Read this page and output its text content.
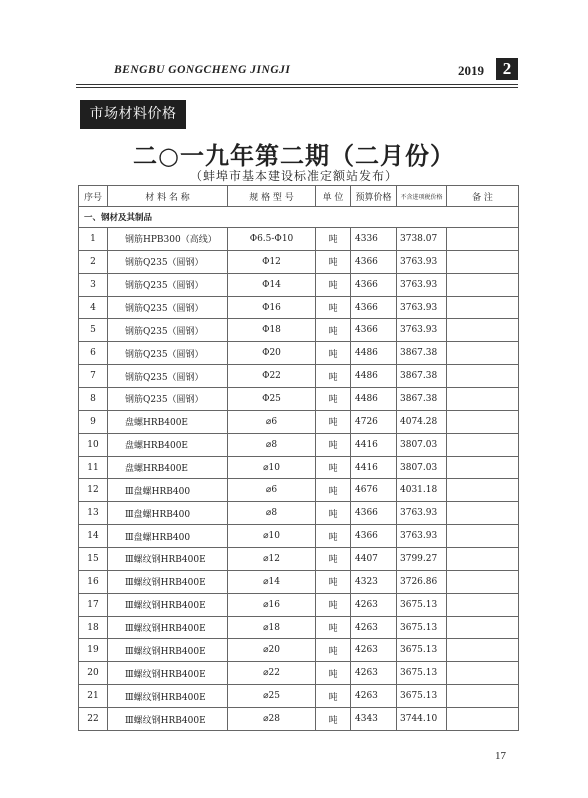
BENGBU GONGCHENG JINGJI	2019	2
市场材料价格
二○一九年第二期（二月份）
（蚌埠市基本建设标准定额站发布）
序号	材 料 名 称	规 格 型 号	单 位	预算价格	不含进项税价格	备 注
一、钢材及其制品						
1	钢筋HPB300（高线）	Φ6.5-Φ10	吨	4336	3738.07	
2	钢筋Q235（圆钢）	Φ12	吨	4366	3763.93	
3	钢筋Q235（圆钢）	Φ14	吨	4366	3763.93	
4	钢筋Q235（圆钢）	Φ16	吨	4366	3763.93	
5	钢筋Q235（圆钢）	Φ18	吨	4366	3763.93	
6	钢筋Q235（圆钢）	Φ20	吨	4486	3867.38	
7	钢筋Q235（圆钢）	Φ22	吨	4486	3867.38	
8	钢筋Q235（圆钢）	Φ25	吨	4486	3867.38	
9	盘螺HRB400E	⌀6	吨	4726	4074.28	
10	盘螺HRB400E	⌀8	吨	4416	3807.03	
11	盘螺HRB400E	⌀10	吨	4416	3807.03	
12	Ⅲ盘螺HRB400	⌀6	吨	4676	4031.18	
13	Ⅲ盘螺HRB400	⌀8	吨	4366	3763.93	
14	Ⅲ盘螺HRB400	⌀10	吨	4366	3763.93	
15	Ⅲ螺纹钢HRB400E	⌀12	吨	4407	3799.27	
16	Ⅲ螺纹钢HRB400E	⌀14	吨	4323	3726.86	
17	Ⅲ螺纹钢HRB400E	⌀16	吨	4263	3675.13	
18	Ⅲ螺纹钢HRB400E	⌀18	吨	4263	3675.13	
19	Ⅲ螺纹钢HRB400E	⌀20	吨	4263	3675.13	
20	Ⅲ螺纹钢HRB400E	⌀22	吨	4263	3675.13	
21	Ⅲ螺纹钢HRB400E	⌀25	吨	4263	3675.13	
22	Ⅲ螺纹钢HRB400E	⌀28	吨	4343	3744.10	
17
